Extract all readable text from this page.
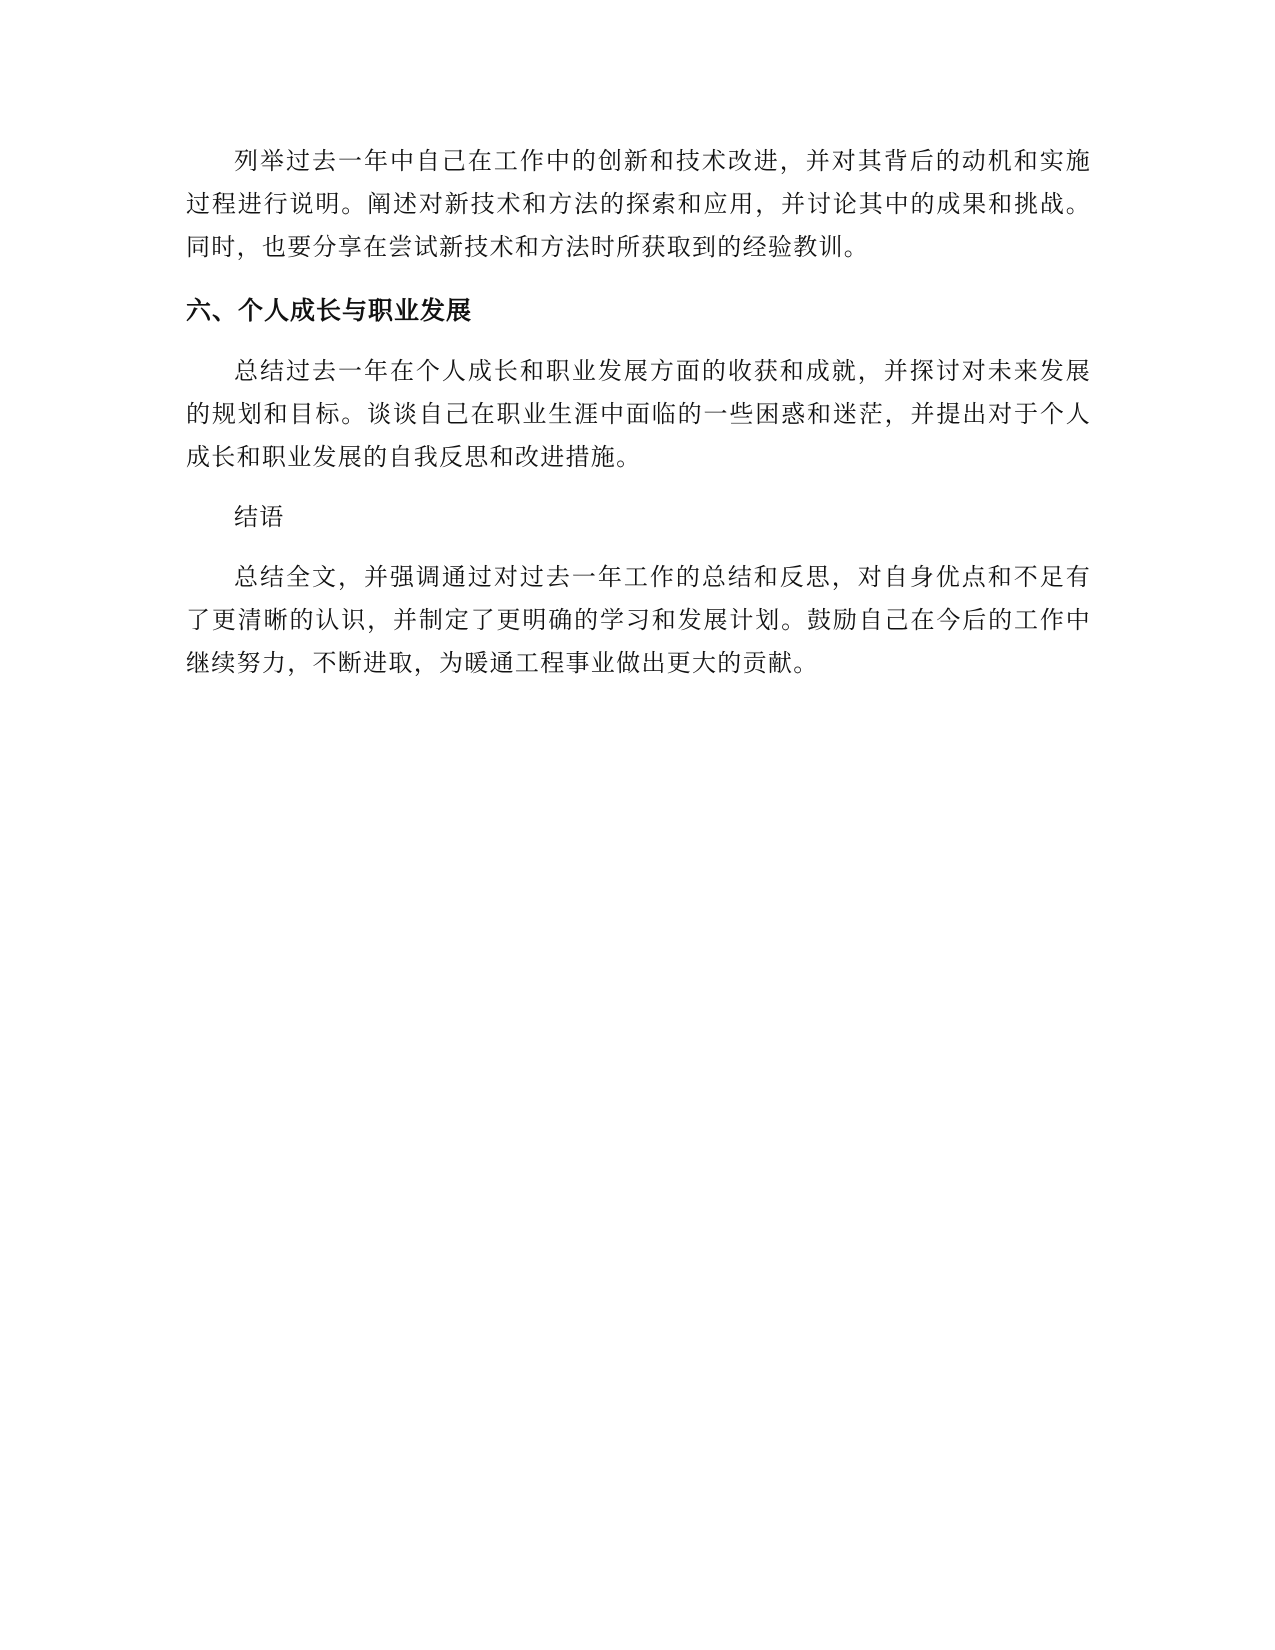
列举过去一年中自己在工作中的创新和技术改进，并对其背后的动机和实施过程进行说明。阐述对新技术和方法的探索和应用，并讨论其中的成果和挑战。同时，也要分享在尝试新技术和方法时所获取到的经验教训。

六、个人成长与职业发展

总结过去一年在个人成长和职业发展方面的收获和成就，并探讨对未来发展的规划和目标。谈谈自己在职业生涯中面临的一些困惑和迷茫，并提出对于个人成长和职业发展的自我反思和改进措施。

结语

总结全文，并强调通过对过去一年工作的总结和反思，对自身优点和不足有了更清晰的认识，并制定了更明确的学习和发展计划。鼓励自己在今后的工作中继续努力，不断进取，为暖通工程事业做出更大的贡献。
